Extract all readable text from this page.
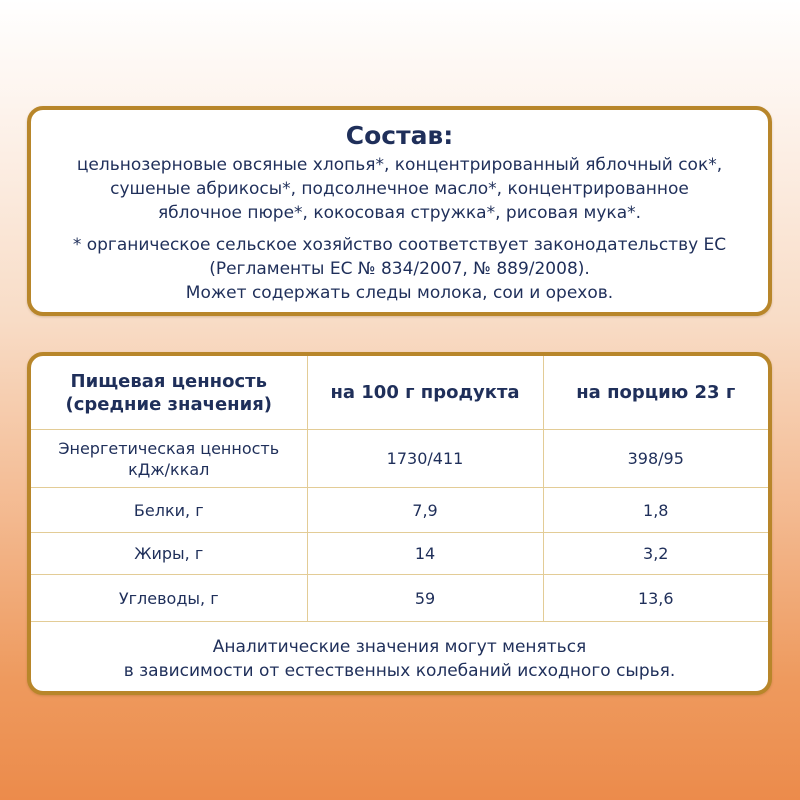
Состав:
цельнозерновые овсяные хлопья*, концентрированный яблочный сок*,
сушеные абрикосы*, подсолнечное масло*, концентрированное
яблочное пюре*, кокосовая стружка*, рисовая мука*.
* органическое сельское хозяйство соответствует законодательству ЕС
(Регламенты ЕС № 834/2007, № 889/2008).
Может содержать следы молока, сои и орехов.
Пищевая ценность
(средние значения)	на 100 г продукта	на порцию 23 г

Энергетическая ценность
кДж/ккал	1730/411	398/95
Белки, г	7,9	1,8
Жиры, г	14	3,2
Углеводы, г	59	13,6
Аналитические значения могут меняться
в зависимости от естественных колебаний исходного сырья.
